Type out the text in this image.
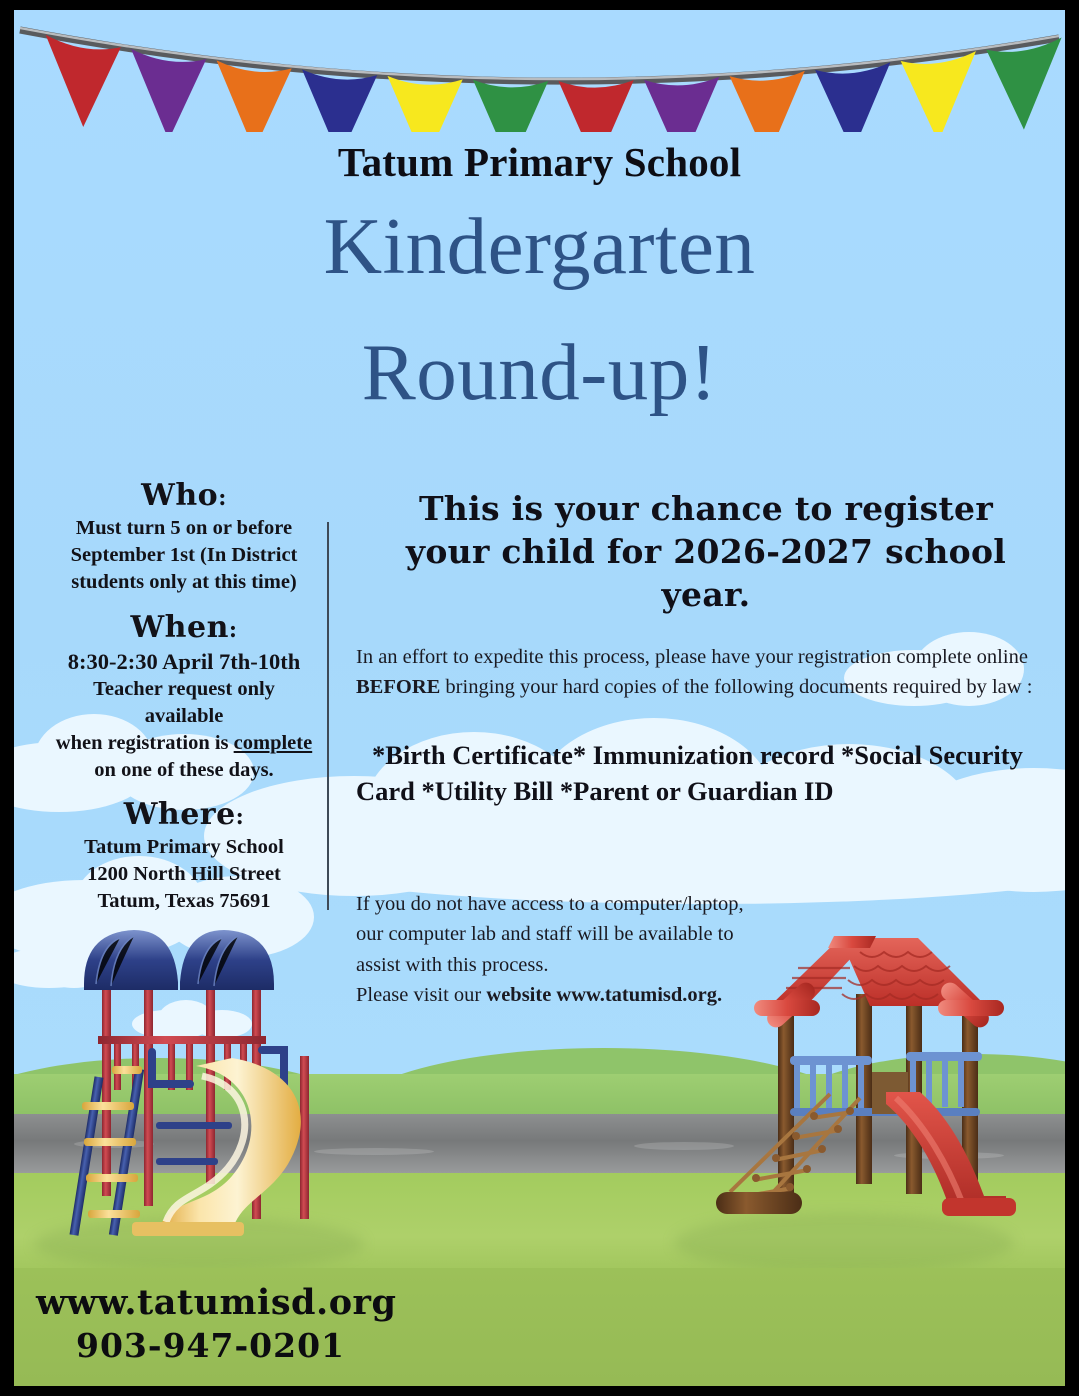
Tatum Primary School
Kindergarten
Round-up!
Who:
Must turn 5 on or before
September 1st (In District
students only at this time)
When:
8:30-2:30 April 7th-10th
Teacher request only available
when registration is complete
on one of these days.
Where:
Tatum Primary School
1200 North Hill Street
Tatum, Texas 75691
This is your chance to register
your child for 2026-2027 school
year.
In an effort to expedite this process, please have your registration complete online BEFORE bringing your hard copies of the following documents required by law :
*Birth Certificate* Immunization record *Social Security
Card *Utility Bill *Parent or Guardian ID
If you do not have access to a computer/laptop,
our computer lab and staff will be available to
assist with this process.
Please visit our website www.tatumisd.org.
www.tatumisd.org
903-947-0201
